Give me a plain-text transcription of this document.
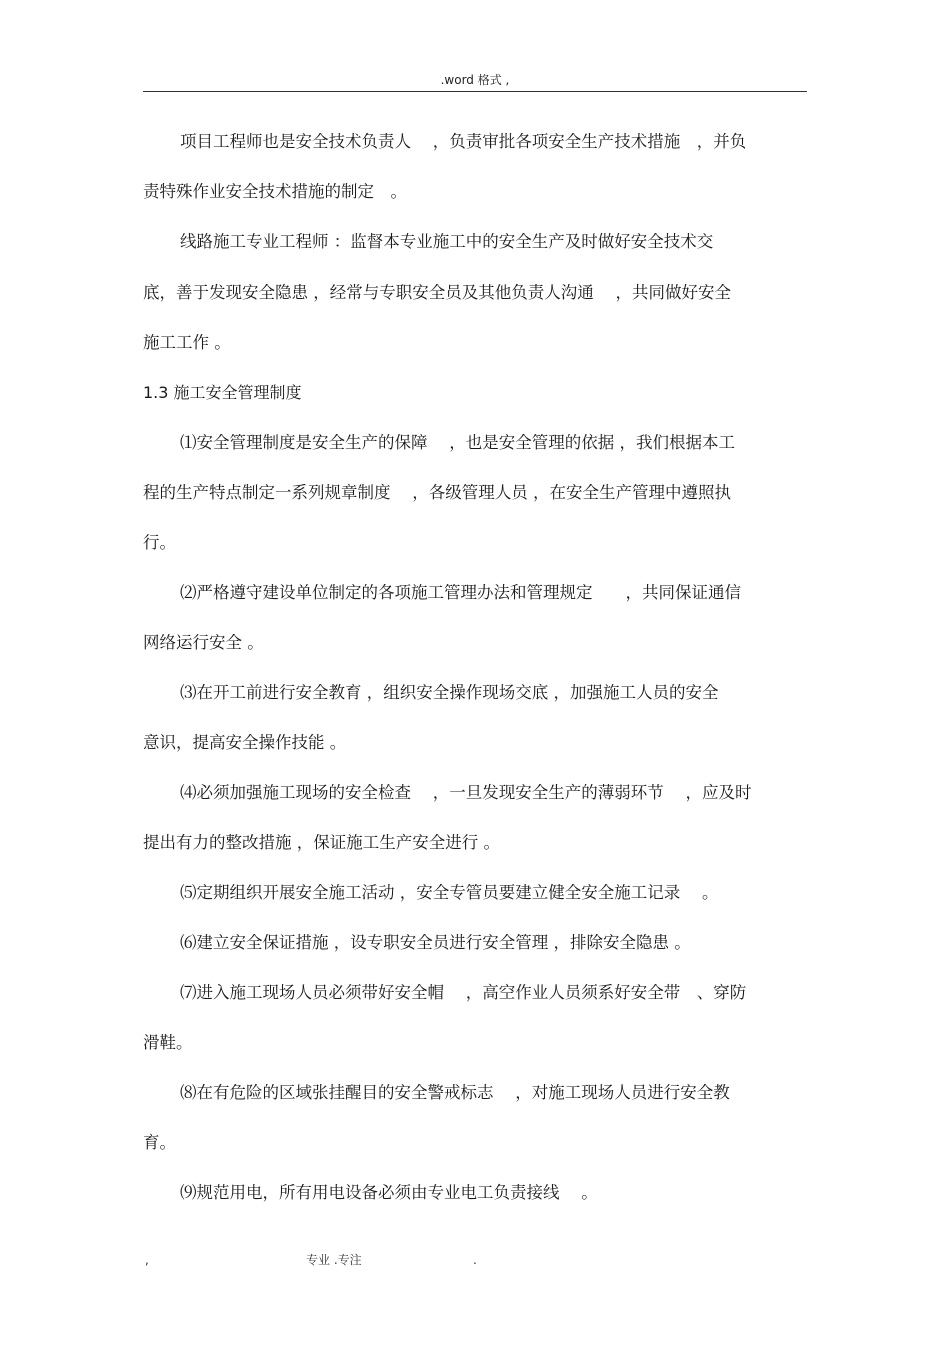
.word 格式 ,
项目工程师也是安全技术负责人　 ，负责审批各项安全生产技术措施　，并负
责特殊作业安全技术措施的制定　。
线路施工专业工程师 ：监督本专业施工中的安全生产及时做好安全技术交
底，善于发现安全隐患 ，经常与专职安全员及其他负责人沟通　 ，共同做好安全
施工工作 。
1.3 施工安全管理制度
⑴安全管理制度是安全生产的保障　 ，也是安全管理的依据 ，我们根据本工
程的生产特点制定一系列规章制度　 ，各级管理人员 ，在安全生产管理中遵照执
行。
⑵严格遵守建设单位制定的各项施工管理办法和管理规定　　，共同保证通信
网络运行安全 。
⑶在开工前进行安全教育 ，组织安全操作现场交底 ，加强施工人员的安全
意识，提高安全操作技能 。
⑷必须加强施工现场的安全检查　 ，一旦发现安全生产的薄弱环节　 ，应及时
提出有力的整改措施 ，保证施工生产安全进行 。
⑸定期组织开展安全施工活动 ，安全专管员要建立健全安全施工记录　 。
⑹建立安全保证措施 ，设专职安全员进行安全管理 ，排除安全隐患 。
⑺进入施工现场人员必须带好安全帽　 ，高空作业人员须系好安全带　、穿防
滑鞋。
⑻在有危险的区域张挂醒目的安全警戒标志　 ，对施工现场人员进行安全教
育。
⑼规范用电，所有用电设备必须由专业电工负责接线　 。
,	专业 .专注	.
